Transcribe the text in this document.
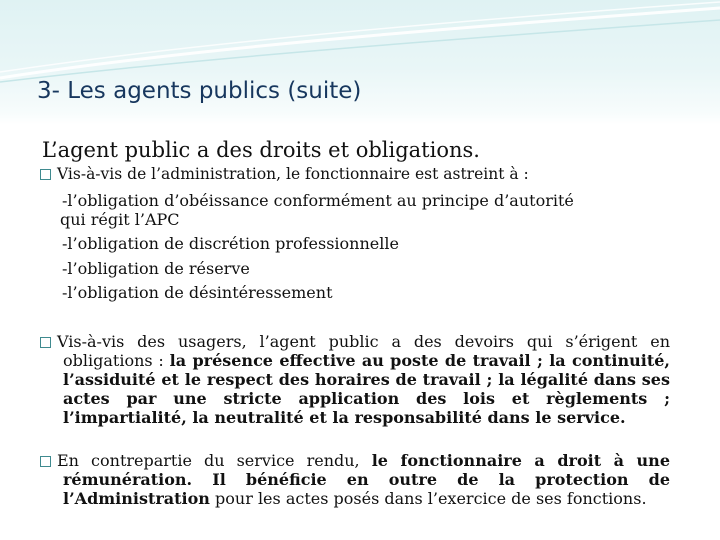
3- Les agents publics (suite)

L’agent public a des droits et obligations.

Vis-à-vis de l’administration, le fonctionnaire est astreint à :

-l’obligation d’obéissance conformément au principe d’autorité

qui régit l’APC

-l’obligation de discrétion professionnelle

-l’obligation de réserve

-l’obligation de désintéressement

Vis-à-vis des usagers, l’agent public a des devoirs qui s’érigent en obligations : la présence effective au poste de travail ; la continuité, l’assiduité et le respect des horaires de travail ; la légalité dans ses actes par une stricte application des lois et règlements ; l’impartialité, la neutralité et la responsabilité dans le service.
En contrepartie du service rendu, le fonctionnaire a droit à une rémunération. Il bénéficie en outre de la protection de l’Administration pour les actes posés dans l’exercice de ses fonctions.
